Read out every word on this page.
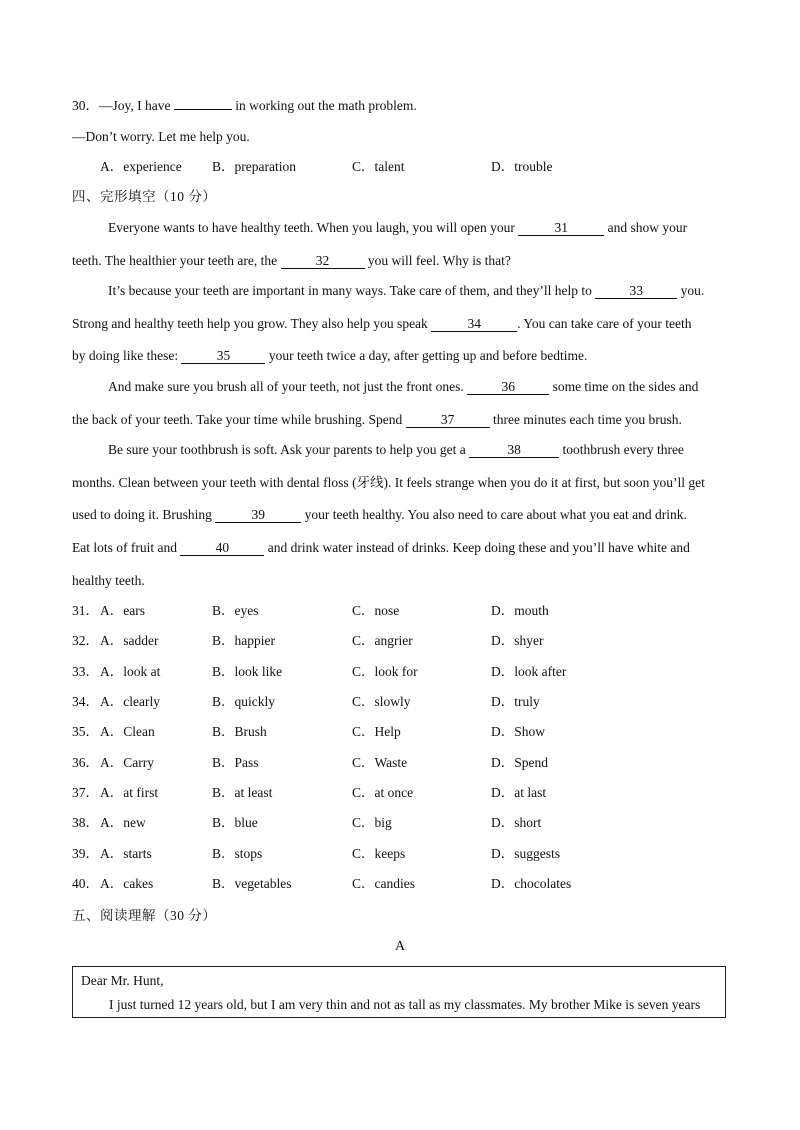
30．—Joy, I have	in working out the math problem.
—Don’t worry. Let me help you.
A．experience B．preparation	C．talent	D．trouble
四、完形填空（10 分）
Everyone wants to have healthy teeth. When you laugh, you will open your	31	and show your
teeth. The healthier your teeth are, the	32	you will feel. Why is that?
It’s because your teeth are important in many ways. Take care of them, and they’ll help to	33	you.
Strong and healthy teeth help you grow. They also help you speak	34	. You can take care of your teeth
by doing like these:	35	your teeth twice a day, after getting up and before bedtime.
And make sure you brush all of your teeth, not just the front ones.	36	some time on the sides and
the back of your teeth. Take your time while brushing. Spend	37	three minutes each time you brush.
Be sure your toothbrush is soft. Ask your parents to help you get a	38	toothbrush every three
months. Clean between your teeth with dental floss (牙线). It feels strange when you do it at first, but soon you’ll get
used to doing it. Brushing	39	your teeth healthy. You also need to care about what you eat and drink.
Eat lots of fruit and	40	and drink water instead of drinks. Keep doing these and you’ll have white and
healthy teeth.
31． A．ears	B．eyes	C．nose	D．mouth
32． A．sadder	B．happier	C．angrier	D．shyer
33． A．look at	B．look like	C．look for	D．look after
34． A．clearly	B．quickly	C．slowly	D．truly
35． A．Clean	B．Brush	C．Help	D．Show
36． A．Carry	B．Pass	C．Waste	D．Spend
37． A．at first	B．at least	C．at once	D．at last
38． A．new	B．blue	C．big	D．short
39． A．starts	B．stops	C．keeps	D．suggests
40． A．cakes	B．vegetables	C．candies	D．chocolates
五、阅读理解（30 分）
A
Dear Mr. Hunt,
I just turned 12 years old, but I am very thin and not as tall as my classmates. My brother Mike is seven years
